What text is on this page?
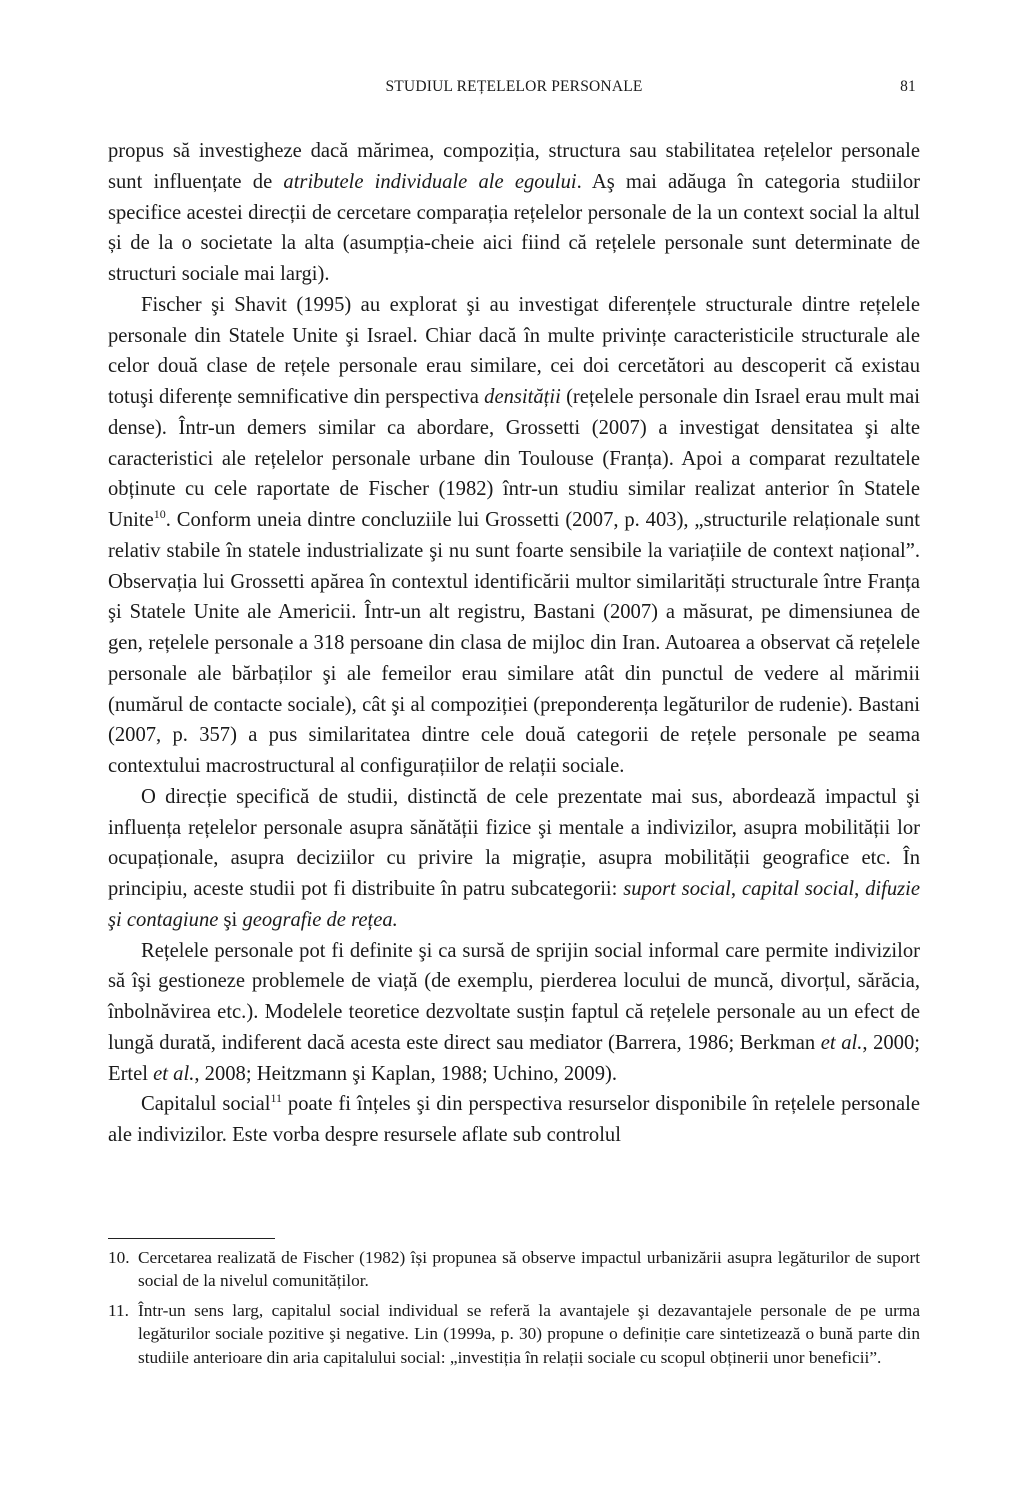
STUDIUL REȚELELOR PERSONALE	81

propus să investigheze dacă mărimea, compoziția, structura sau stabilitatea rețelelor personale sunt influențate de atributele individuale ale egoului. Aş mai adăuga în categoria studiilor specifice acestei direcții de cercetare comparația rețelelor personale de la un context social la altul și de la o societate la alta (asumpția-cheie aici fiind că rețelele personale sunt determinate de structuri sociale mai largi).

Fischer şi Shavit (1995) au explorat şi au investigat diferențele structurale dintre rețelele personale din Statele Unite şi Israel. Chiar dacă în multe privințe caracteristicile structurale ale celor două clase de rețele personale erau similare, cei doi cercetători au descoperit că existau totuşi diferențe semnificative din perspectiva densității (rețelele personale din Israel erau mult mai dense). Într-un demers similar ca abordare, Grossetti (2007) a investigat densitatea şi alte caracteristici ale rețelelor personale urbane din Toulouse (Franța). Apoi a comparat rezultatele obținute cu cele raportate de Fischer (1982) într-un studiu similar realizat anterior în Statele Unite$^{10}$. Conform uneia dintre concluziile lui Grossetti (2007, p. 403), „structurile relaționale sunt relativ stabile în statele industrializate şi nu sunt foarte sensibile la variațiile de context național”. Observația lui Grossetti apărea în contextul identificării multor similarități structurale între Franța şi Statele Unite ale Americii. Într-un alt registru, Bastani (2007) a măsurat, pe dimensiunea de gen, rețelele personale a 318 persoane din clasa de mijloc din Iran. Autoarea a observat că rețelele personale ale bărbaților şi ale femeilor erau similare atât din punctul de vedere al mărimii (numărul de contacte sociale), cât şi al compoziției (preponderența legăturilor de rudenie). Bastani (2007, p. 357) a pus similaritatea dintre cele două categorii de rețele personale pe seama contextului macrostructural al configurațiilor de relații sociale.

O direcție specifică de studii, distinctă de cele prezentate mai sus, abordează impactul şi influența rețelelor personale asupra sănătății fizice şi mentale a indivizilor, asupra mobilității lor ocupaționale, asupra deciziilor cu privire la migrație, asupra mobilității geografice etc. În principiu, aceste studii pot fi distribuite în patru subcategorii: suport social, capital social, difuzie şi contagiune şi geografie de rețea.

Rețelele personale pot fi definite şi ca sursă de sprijin social informal care permite indivizilor să îşi gestioneze problemele de viață (de exemplu, pierderea locului de muncă, divorțul, sărăcia, înbolnăvirea etc.). Modelele teoretice dezvoltate susțin faptul că rețelele personale au un efect de lungă durată, indiferent dacă acesta este direct sau mediator (Barrera, 1986; Berkman et al., 2000; Ertel et al., 2008; Heitzmann şi Kaplan, 1988; Uchino, 2009).

Capitalul social$^{11}$ poate fi înțeles şi din perspectiva resurselor disponibile în rețelele personale ale indivizilor. Este vorba despre resursele aflate sub controlul

10. Cercetarea realizată de Fischer (1982) își propunea să observe impactul urbanizării asupra legăturilor de suport social de la nivelul comunităților.
11. Într-un sens larg, capitalul social individual se referă la avantajele şi dezavantajele personale de pe urma legăturilor sociale pozitive şi negative. Lin (1999a, p. 30) propune o definiție care sintetizează o bună parte din studiile anterioare din aria capitalului social: „investiția în relații sociale cu scopul obținerii unor beneficii”.
